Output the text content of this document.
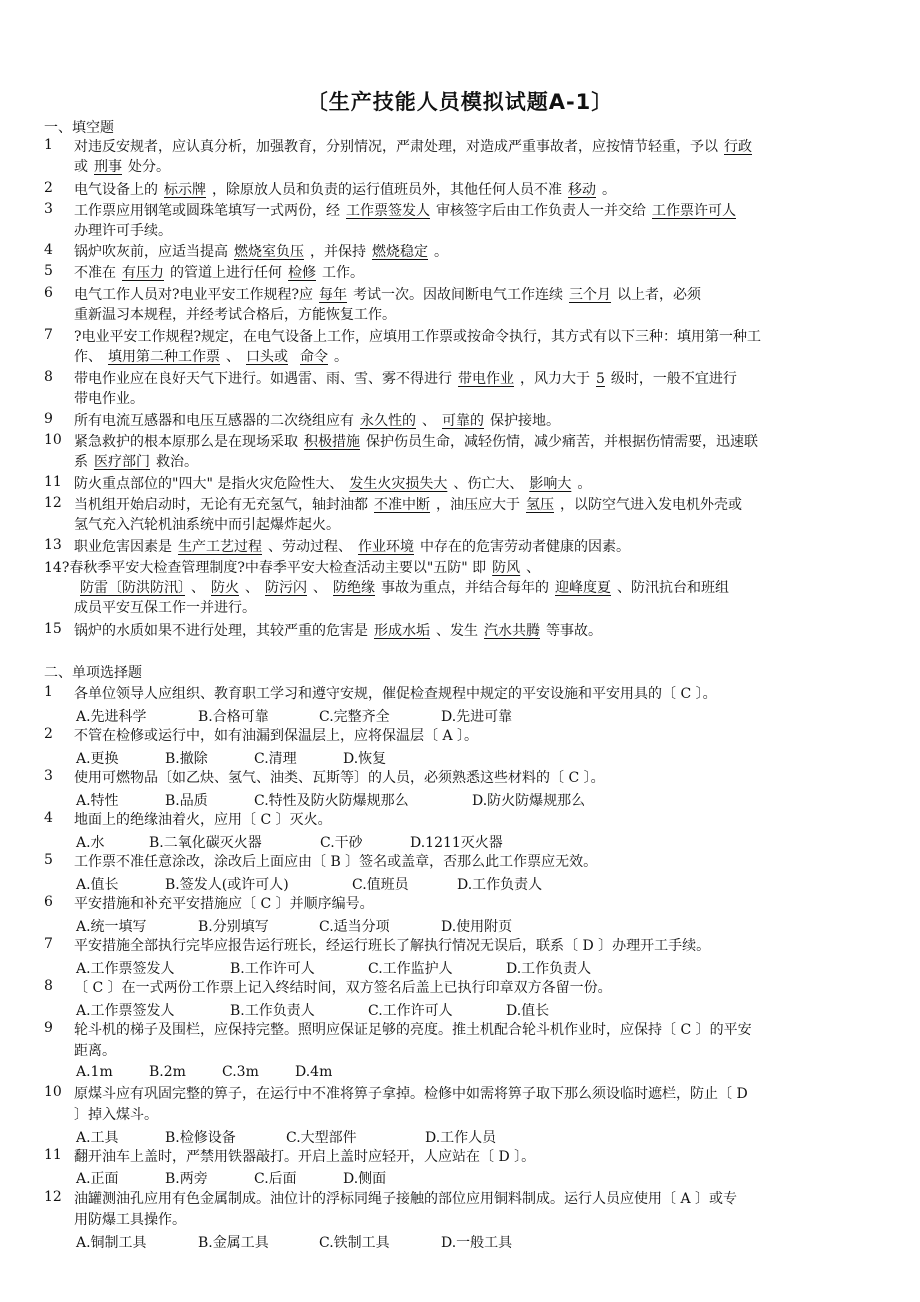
〔生产技能人员模拟试题A-1〕
一、填空题
二、单项选择题
1 对违反安规者，应认真分析，加强教育，分别情况，严肃处理，对造成严重事故者，应按情节轻重，予以 行政
或 刑事 处分。
2 电气设备上的 标示牌 ，除原放人员和负责的运行值班员外，其他任何人员不准 移动 。
3 工作票应用钢笔或圆珠笔填写一式两份，经 工作票签发人 审核签字后由工作负责人一并交给 工作票许可人
办理许可手续。
4 锅炉吹灰前，应适当提高 燃烧室负压 ，并保持 燃烧稳定 。
5 不准在 有压力 的管道上进行任何 检修 工作。
6 电气工作人员对?电业平安工作规程?应 每年 考试一次。因故间断电气工作连续 三个月 以上者，必须
重新温习本规程，并经考试合格后，方能恢复工作。
7 ?电业平安工作规程?规定，在电气设备上工作，应填用工作票或按命令执行，其方式有以下三种：填用第一种工
作、 填用第二种工作票 、 口头或 命令 。
8 带电作业应在良好天气下进行。如遇雷、雨、雪、雾不得进行 带电作业 ，风力大于 5 级时，一般不宜进行
带电作业。
9 所有电流互感器和电压互感器的二次绕组应有 永久性的 、 可靠的 保护接地。
10 紧急救护的根本原那么是在现场采取 积极措施 保护伤员生命，减轻伤情，减少痛苦，并根据伤情需要，迅速联
系 医疗部门 救治。
11 防火重点部位的"四大" 是指火灾危险性大、 发生火灾损失大 、伤亡大、 影响大 。
12 当机组开始启动时，无论有无充氢气，轴封油都 不准中断 ，油压应大于 氢压 ，以防空气进入发电机外壳或
氢气充入汽轮机油系统中而引起爆炸起火。
13 职业危害因素是 生产工艺过程 、劳动过程、 作业环境 中存在的危害劳动者健康的因素。
14?春秋季平安大检查管理制度?中春季平安大检查活动主要以"五防" 即 防风 、
防雷〔防洪防汛〕 、 防火 、 防污闪 、 防绝缘 事故为重点，并结合每年的 迎峰度夏 、防汛抗台和班组
成员平安互保工作一并进行。
15 锅炉的水质如果不进行处理，其较严重的危害是 形成水垢 、发生 汽水共腾 等事故。
1 各单位领导人应组织、教育职工学习和遵守安规，催促检查规程中规定的平安设施和平安用具的〔 C 〕。
A.先进科学	B.合格可靠	C.完整齐全	D.先进可靠
2 不管在检修或运行中，如有油漏到保温层上，应将保温层〔 A 〕。
A.更换	B.撤除	C.清理	D.恢复
3 使用可燃物品〔如乙炔、氢气、油类、瓦斯等〕的人员，必须熟悉这些材料的〔 C 〕。
A.特性	B.品质	C.特性及防火防爆规那么	D.防火防爆规那么
4 地面上的绝缘油着火，应用〔 C 〕灭火。
A.水	B.二氧化碳灭火器	C.干砂	D.1211灭火器
5 工作票不准任意涂改，涂改后上面应由〔 B 〕签名或盖章，否那么此工作票应无效。
A.值长	B.签发人(或许可人)	C.值班员	D.工作负责人
6 平安措施和补充平安措施应〔 C 〕并顺序编号。
A.统一填写	B.分别填写	C.适当分项	D.使用附页
7 平安措施全部执行完毕应报告运行班长，经运行班长了解执行情况无误后，联系〔 D 〕办理开工手续。
A.工作票签发人	B.工作许可人	C.工作监护人	D.工作负责人
8 〔 C 〕在一式两份工作票上记入终结时间，双方签名后盖上已执行印章双方各留一份。
A.工作票签发人	B.工作负责人	C.工作许可人	D.值长
9 轮斗机的梯子及围栏，应保持完整。照明应保证足够的亮度。推土机配合轮斗机作业时，应保持〔 C 〕的平安
距离。
A.1m	B.2m	C.3m	D.4m
10 原煤斗应有巩固完整的箅子，在运行中不准将箅子拿掉。检修中如需将箅子取下那么须设临时遮栏，防止〔 D
〕掉入煤斗。
A.工具	B.检修设备	C.大型部件	D.工作人员
11 翻开油车上盖时，严禁用铁器敲打。开启上盖时应轻开，人应站在〔 D 〕。
A.正面	B.两旁	C.后面	D.侧面
12 油罐测油孔应用有色金属制成。油位计的浮标同绳子接触的部位应用铜料制成。运行人员应使用〔 A 〕或专
用防爆工具操作。
A.铜制工具	B.金属工具	C.铁制工具	D.一般工具
